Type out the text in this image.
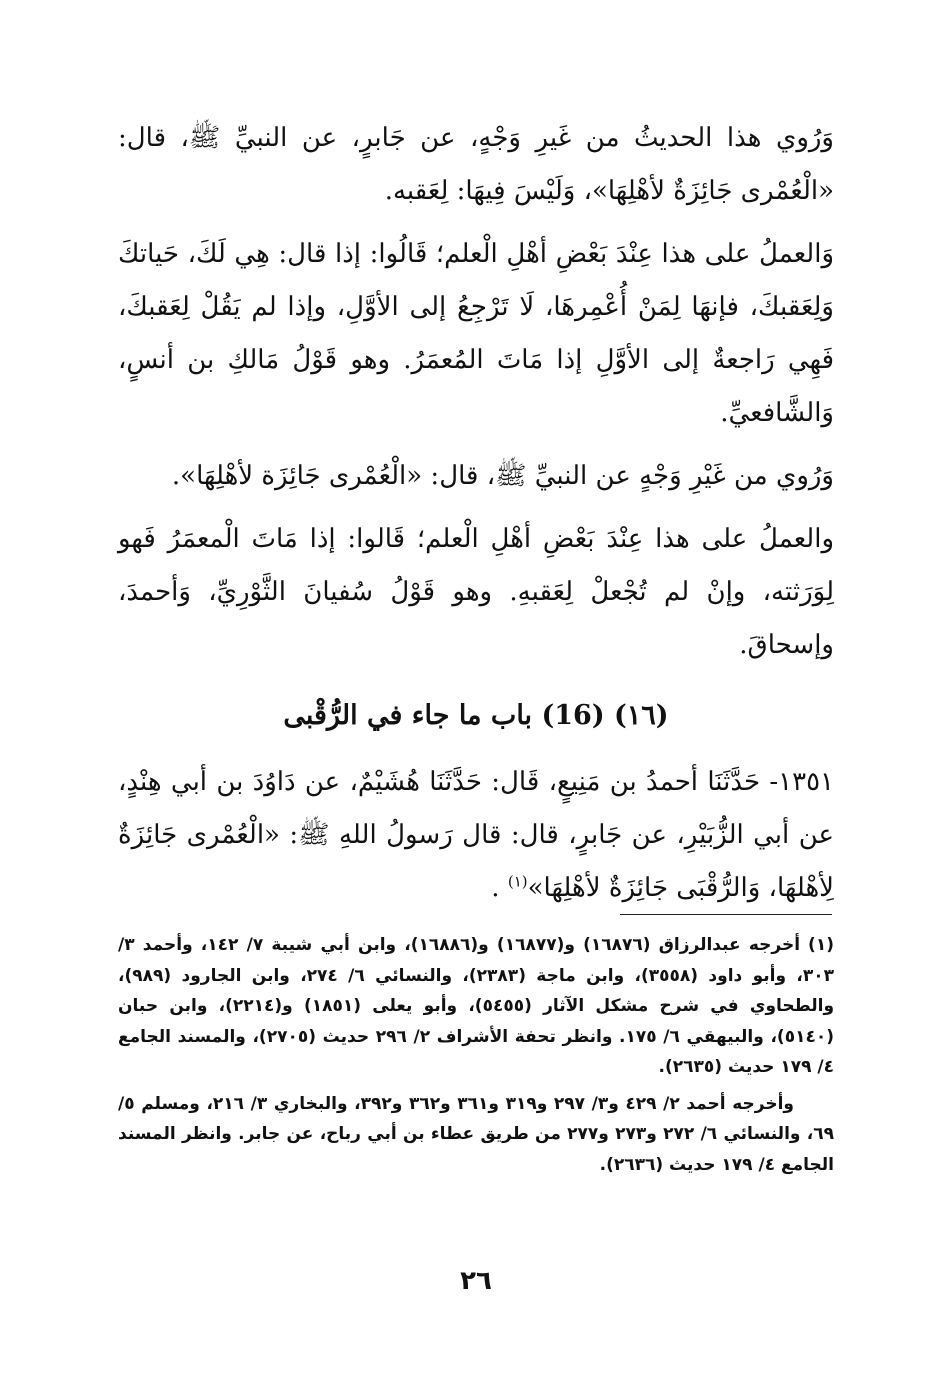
وَرُوي هذا الحديثُ من غَيرِ وَجْهٍ، عن جَابرٍ، عن النبيِّ ﷺ، قال: «الْعُمْرى جَائِزَةٌ لأهْلِهَا»، وَلَيْسَ فِيهَا: لِعَقبه.

وَالعملُ على هذا عِنْدَ بَعْضِ أهْلِ الْعلم؛ قَالُوا: إذا قال: هِي لَكَ، حَياتكَ وَلِعَقبكَ، فإنهَا لِمَنْ أُعْمِرهَا، لَا تَرْجِعُ إلى الأوَّلِ، وإذا لم يَقُلْ لِعَقبكَ، فَهِي رَاجعةٌ إلى الأوَّلِ إذا مَاتَ المُعمَرُ. وهو قَوْلُ مَالكِ بن أنسٍ، وَالشَّافعيِّ.

وَرُوي من غَيْرِ وَجْهٍ عن النبيِّ ﷺ، قال: «الْعُمْرى جَائِزَة لأهْلِهَا».

والعملُ على هذا عِنْدَ بَعْضِ أهْلِ الْعلم؛ قَالوا: إذا مَاتَ الْمعمَرُ فَهو لِوَرَثته، وإنْ لم تُجْعلْ لِعَقبهِ. وهو قَوْلُ سُفيانَ الثَّوْرِيِّ، وَأحمدَ، وإسحاقَ.

(١٦) (16) باب ما جاء في الرُّقْبى

١٣٥١- حَدَّثَنَا أحمدُ بن مَنِيعٍ، قَال: حَدَّثَنَا هُشَيْمٌ، عن دَاوُدَ بن أبي هِنْدٍ، عن أبي الزُّبَيْرِ، عن جَابرٍ، قال: قال رَسولُ اللهِ ﷺ: «الْعُمْرى جَائِزَةٌ لِأهْلهَا، وَالرُّقْبَى جَائِزَةٌ لأهْلِهَا»$^{(١)}$ .

(١)أخرجه عبدالرزاق (١٦٨٧٦) و(١٦٨٧٧) و(١٦٨٨٦)، وابن أبي شيبة ٧/ ١٤٢، وأحمد ٣/ ٣٠٣، وأبو داود (٣٥٥٨)، وابن ماجة (٢٣٨٣)، والنسائي ٦/ ٢٧٤، وابن الجارود (٩٨٩)، والطحاوي في شرح مشكل الآثار (٥٤٥٥)، وأبو يعلى (١٨٥١) و(٢٢١٤)، وابن حبان (٥١٤٠)، والبيهقي ٦/ ١٧٥. وانظر تحفة الأشراف ٢/ ٢٩٦ حديث (٢٧٠٥)، والمسند الجامع ٤/ ١٧٩ حديث (٢٦٣٥).

وأخرجه أحمد ٢/ ٤٢٩ و٣/ ٢٩٧ و٣١٩ و٣٦١ و٣٦٢ و٣٩٢، والبخاري ٣/ ٢١٦، ومسلم ٥/ ٦٩، والنسائي ٦/ ٢٧٢ و٢٧٣ و٢٧٧ من طريق عطاء بن أبي رباح، عن جابر. وانظر المسند الجامع ٤/ ١٧٩ حديث (٢٦٣٦).

٢٦
